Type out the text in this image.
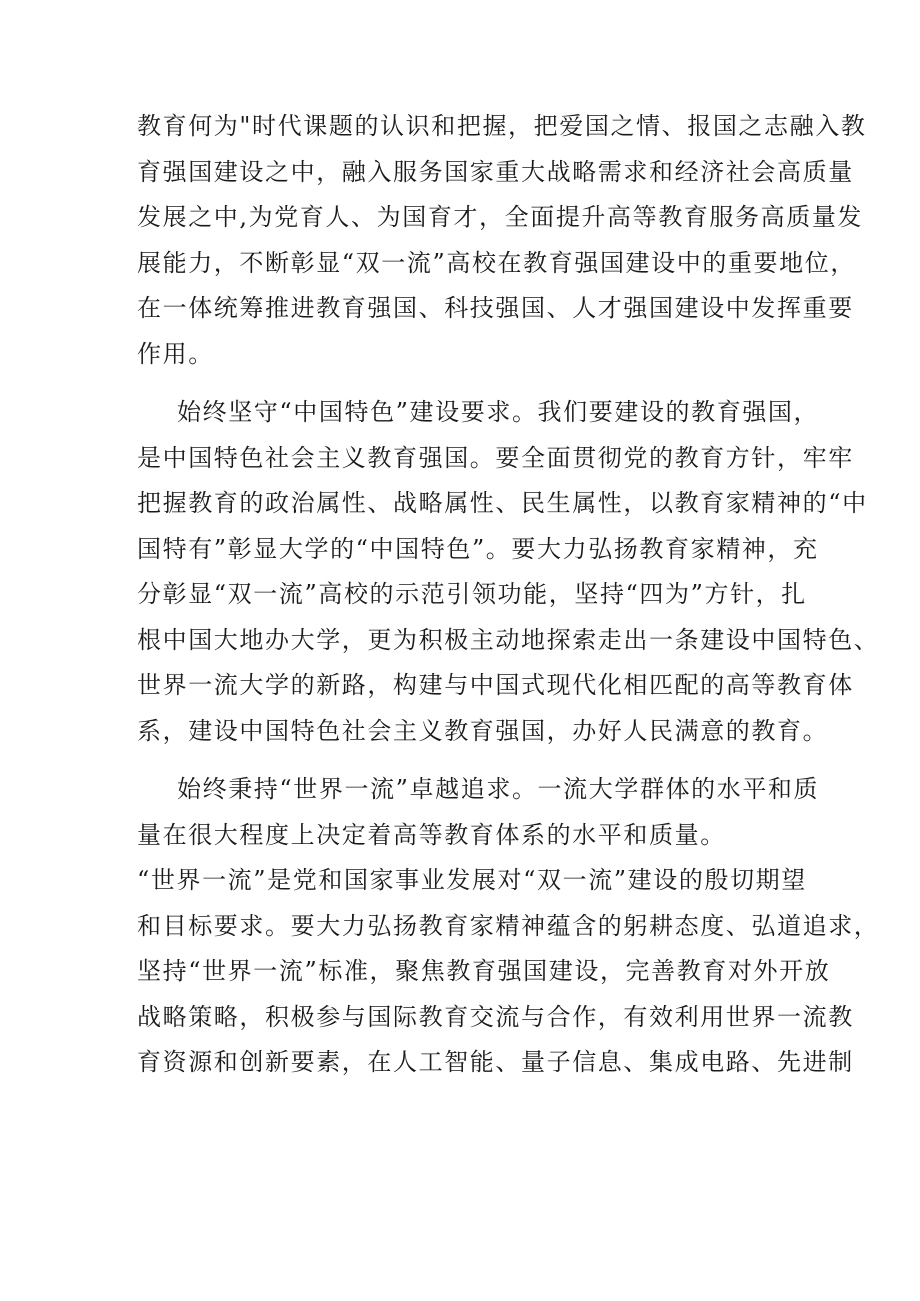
教育何为"时代课题的认识和把握，把爱国之情、报国之志融入教
育强国建设之中，融入服务国家重大战略需求和经济社会高质量
发展之中,为党育人、为国育才，全面提升高等教育服务高质量发
展能力，不断彰显“双一流”高校在教育强国建设中的重要地位，
在一体统筹推进教育强国、科技强国、人才强国建设中发挥重要
作用。

始终坚守“中国特色”建设要求。我们要建设的教育强国，
是中国特色社会主义教育强国。要全面贯彻党的教育方针，牢牢
把握教育的政治属性、战略属性、民生属性，以教育家精神的“中
国特有”彰显大学的“中国特色”。要大力弘扬教育家精神，充
分彰显“双一流”高校的示范引领功能，坚持“四为”方针，扎
根中国大地办大学，更为积极主动地探索走出一条建设中国特色、
世界一流大学的新路，构建与中国式现代化相匹配的高等教育体
系，建设中国特色社会主义教育强国，办好人民满意的教育。

始终秉持“世界一流”卓越追求。一流大学群体的水平和质
量在很大程度上决定着高等教育体系的水平和质量。
“世界一流”是党和国家事业发展对“双一流”建设的殷切期望
和目标要求。要大力弘扬教育家精神蕴含的躬耕态度、弘道追求，
坚持“世界一流”标准，聚焦教育强国建设，完善教育对外开放
战略策略，积极参与国际教育交流与合作，有效利用世界一流教
育资源和创新要素，在人工智能、量子信息、集成电路、先进制
